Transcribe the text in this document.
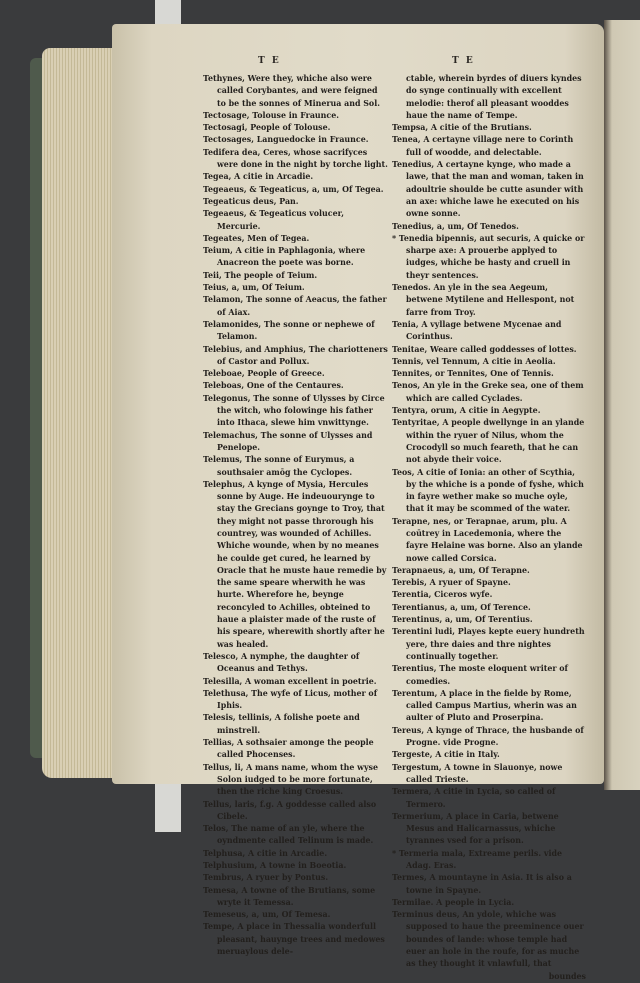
T E	T E

Tethynes, Were they, whiche also were called Corybantes, and were feigned to be the sonnes of Minerua and Sol.

Tectosage, Tolouse in Fraunce.

Tectosagi, People of Tolouse.

Tectosages, Languedocke in Fraunce.

Tedifera dea, Ceres, whose sacrifyces were done in the night by torche light.

Tegea, A citie in Arcadie.

Tegeaeus, & Tegeaticus, a, um, Of Tegea.

Tegeaticus deus, Pan.

Tegeaeus, & Tegeaticus volucer, Mercurie.

Tegeates, Men of Tegea.

Teium, A citie in Paphlagonia, where Anacreon the poete was borne.

Teii, The people of Teium.

Teius, a, um, Of Teium.

Telamon, The sonne of Aeacus, the father of Aiax.

Telamonides, The sonne or nephewe of Telamon.

Telebius, and Amphius, The chariotteners of Castor and Pollux.

Teleboae, People of Greece.

Teleboas, One of the Centaures.

Telegonus, The sonne of Ulysses by Circe the witch, who folowinge his father into Ithaca, slewe him vnwittynge.

Telemachus, The sonne of Ulysses and Penelope.

Telemus, The sonne of Eurymus, a southsaier amōg the Cyclopes.

Telephus, A kynge of Mysia, Hercules sonne by Auge. He indeuourynge to stay the Grecians goynge to Troy, that they might not passe throrough his countrey, was wounded of Achilles. Whiche wounde, when by no meanes he coulde get cured, he learned by Oracle that he muste haue remedie by the same speare wherwith he was hurte. Wherefore he, beynge reconcyled to Achilles, obteined to haue a plaister made of the ruste of his speare, wherewith shortly after he was healed.

Telesco, A nymphe, the daughter of Oceanus and Tethys.

Telesilla, A woman excellent in poetrie.

Telethusa, The wyfe of Licus, mother of Iphis.

Telesis, tellinis, A folishe poete and minstrell.

Tellias, A sothsaier amonge the people called Phocenses.

Tellus, li, A mans name, whom the wyse Solon iudged to be more fortunate, then the riche king Croesus.

Tellus, laris, f.g. A goddesse called also Cibele.

Telos, The name of an yle, where the oyndmente called Telinum is made.

Telphusa, A citie in Arcadie.

Telphusium, A towne in Boeotia.

Tembrus, A ryuer by Pontus.

Temesa, A towne of the Brutians, some wryte it Temessa.

Temeseus, a, um, Of Temesa.

Tempe, A place in Thessalia wonderfull pleasant, hauynge trees and medowes meruaylous dele-

ctable, wherein byrdes of diuers kyndes do synge continually with excellent melodie: therof all pleasant wooddes haue the name of Tempe.

Tempsa, A citie of the Brutians.

Tenea, A certayne village nere to Corinth full of woodde, and delectable.

Tenedius, A certayne kynge, who made a lawe, that the man and woman, taken in adoultrie shoulde be cutte asunder with an axe: whiche lawe he executed on his owne sonne.

Tenedius, a, um, Of Tenedos.

* Tenedia bipennis, aut securis, A quicke or sharpe axe: A prouerbe applyed to iudges, whiche be hasty and cruell in theyr sentences.

Tenedos. An yle in the sea Aegeum, betwene Mytilene and Hellespont, not farre from Troy.

Tenia, A vyllage betwene Mycenae and Corinthus.

Tenitae, Weare called goddesses of lottes.

Tennis, vel Tennum, A citie in Aeolia.

Tennites, or Tennites, One of Tennis.

Tenos, An yle in the Greke sea, one of them which are called Cyclades.

Tentyra, orum, A citie in Aegypte.

Tentyritae, A people dwellynge in an ylande within the ryuer of Nilus, whom the Crocodyll so much feareth, that he can not abyde their voice.

Teos, A citie of Ionia: an other of Scythia, by the whiche is a ponde of fyshe, which in fayre wether make so muche oyle, that it may be scommed of the water.

Terapne, nes, or Terapnae, arum, plu. A coūtrey in Lacedemonia, where the fayre Helaine was borne. Also an ylande nowe called Corsica.

Terapnaeus, a, um, Of Terapne.

Terebis, A ryuer of Spayne.

Terentia, Ciceros wyfe.

Terentianus, a, um, Of Terence.

Terentinus, a, um, Of Terentius.

Terentini ludi, Playes kepte euery hundreth yere, thre daies and thre nightes continually together.

Terentius, The moste eloquent writer of comedies.

Terentum, A place in the fielde by Rome, called Campus Martius, wherin was an aulter of Pluto and Proserpina.

Tereus, A kynge of Thrace, the husbande of Progne. vide Progne.

Tergeste, A citie in Italy.

Tergestum, A towne in Slauonye, nowe called Trieste.

Termera, A citie in Lycia, so called of Termero.

Termerium, A place in Caria, betwene Mesus and Halicarnassus, whiche tyrannes vsed for a prison.

* Termeria mala, Extreame perils. vide Adag. Eras.

Termes, A mountayne in Asia. It is also a towne in Spayne.

Termilae. A people in Lycia.

Terminus deus, An ydole, whiche was supposed to haue the preeminence ouer boundes of lande: whose temple had euer an hole in the roufe, for as muche as they thought it vnlawfull, that

boundes
